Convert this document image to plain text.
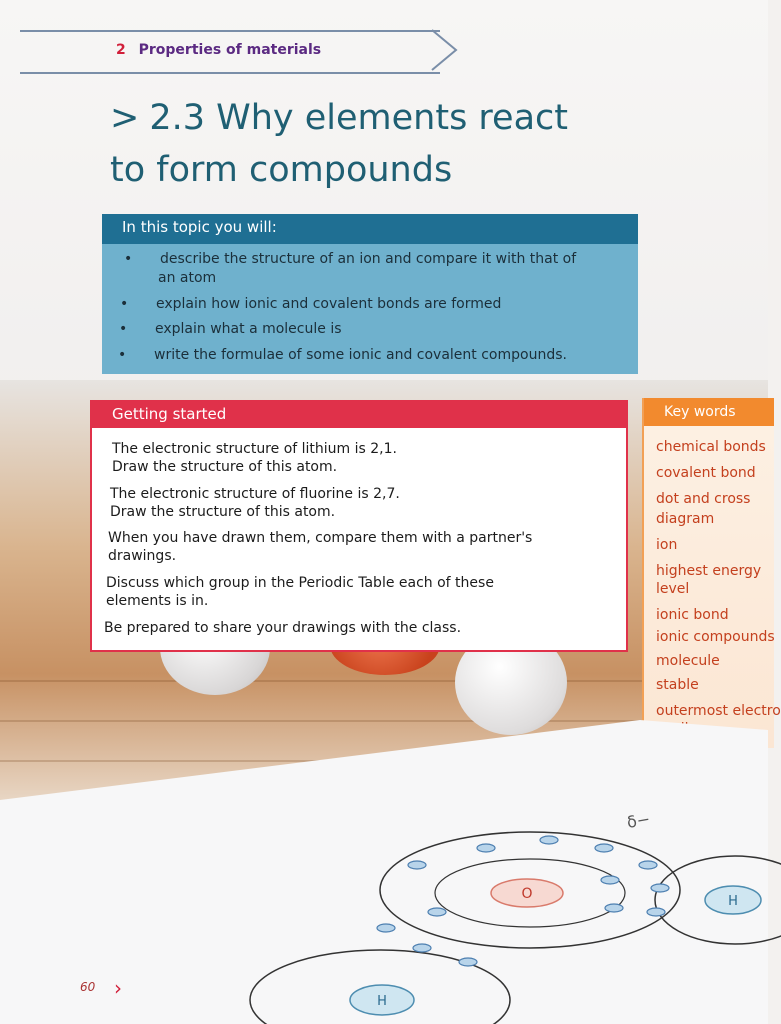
2 Properties of materials
> 2.3 Why elements react
to form compounds
In this topic you will:
• describe the structure of an ion and compare it with that of
an atom
• explain how ionic and covalent bonds are formed
• explain what a molecule is
• write the formulae of some ionic and covalent compounds.
Getting started

The electronic structure of lithium is 2,1.

Draw the structure of this atom.

The electronic structure of fluorine is 2,7.

Draw the structure of this atom.

When you have drawn them, compare them with a partner's

drawings.

Discuss which group in the Periodic Table each of these

elements is in.

Be prepared to share your drawings with the class.

Key words
chemical bonds
covalent bond
dot and cross
diagram
ion
highest energy
level
ionic bond
ionic compounds
molecule
stable
outermost electro
O	H
H
δ−
60 ›
